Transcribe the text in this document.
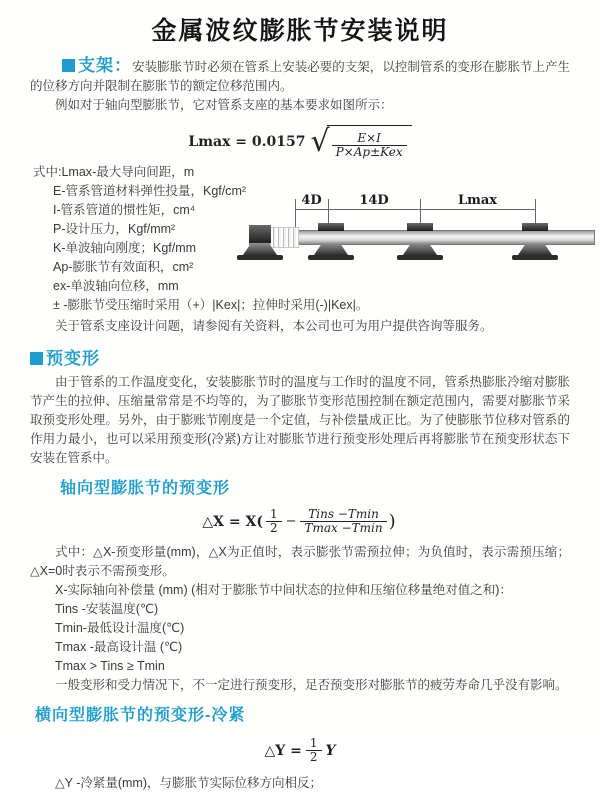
金属波纹膨胀节安装说明

支架：安装膨胀节时必须在管系上安装必要的支架，以控制管系的变形在膨胀节上产生的位移方向并限制在膨胀节的额定位移范围内。

例如对于轴向型膨胀节，它对管系支座的基本要求如图所示：

Lmax = 0.0157 √ $\frac{E\times I}{\text{P×Ap±Kex}}$
式中:Lmax-最大导向间距，m
E-管系管道材料弹性投量，Kgf/cm²
I-管系管道的惯性矩，cm⁴
P-设计压力，Kgf/mm²
K-单波轴向刚度；Kgf/mm
Ap-膨胀节有效面积，cm²
ex-单波轴向位移，mm
± -膨胀节受压缩时采用（+）|Kex|；拉伸时采用(-)|Kex|。

关于管系支座设计问题，请参阅有关资料，本公司也可为用户提供咨询等服务。

预变形

由于管系的工作温度变化，安装膨胀节时的温度与工作时的温度不同，管系热膨胀冷缩对膨胀节产生的拉伸、压缩量常常是不均等的，为了膨胀节变形范围控制在额定范围内，需要对膨胀节采取预变形处理。另外，由于膨账节刚度是一个定值，与补偿量成正比。为了使膨胀节位移对管系的作用力最小，也可以采用预变形(冷紧)方让对膨胀节进行预变形处理后再将膨胀节在预变形状态下安装在管系中。

轴向型膨胀节的预变形
△X = $X( \frac{1}{2} - \frac{\text{Tins −Tmin}}{Tmax -Tmin}$ )

式中：△X-预变形量(mm)，△X为正值时，表示膨张节需预拉伸；为负值时，表示需预压缩；△X=0时表示不需预变形。

X-实际轴向补偿量 (mm) (相对于膨胀节中间状态的拉伸和压缩位移量绝对值之和)：

Tins -安装温度(℃)
Tmin-最低设计温度(℃)
Tmax -最高设计温 (℃)
Tmax > Tins ≥ Tmin

一般变形和受力情况下，不一定进行预变形，足否预变形对膨胀节的疲劳寿命几乎没有影响。

横向型膨胀节的预变形-冷紧
△Y = $\frac{1}{2}$ Y

△Y -冷紧量(mm)，与膨胀节实际位移方向相反；

4D	14D	Lmax
